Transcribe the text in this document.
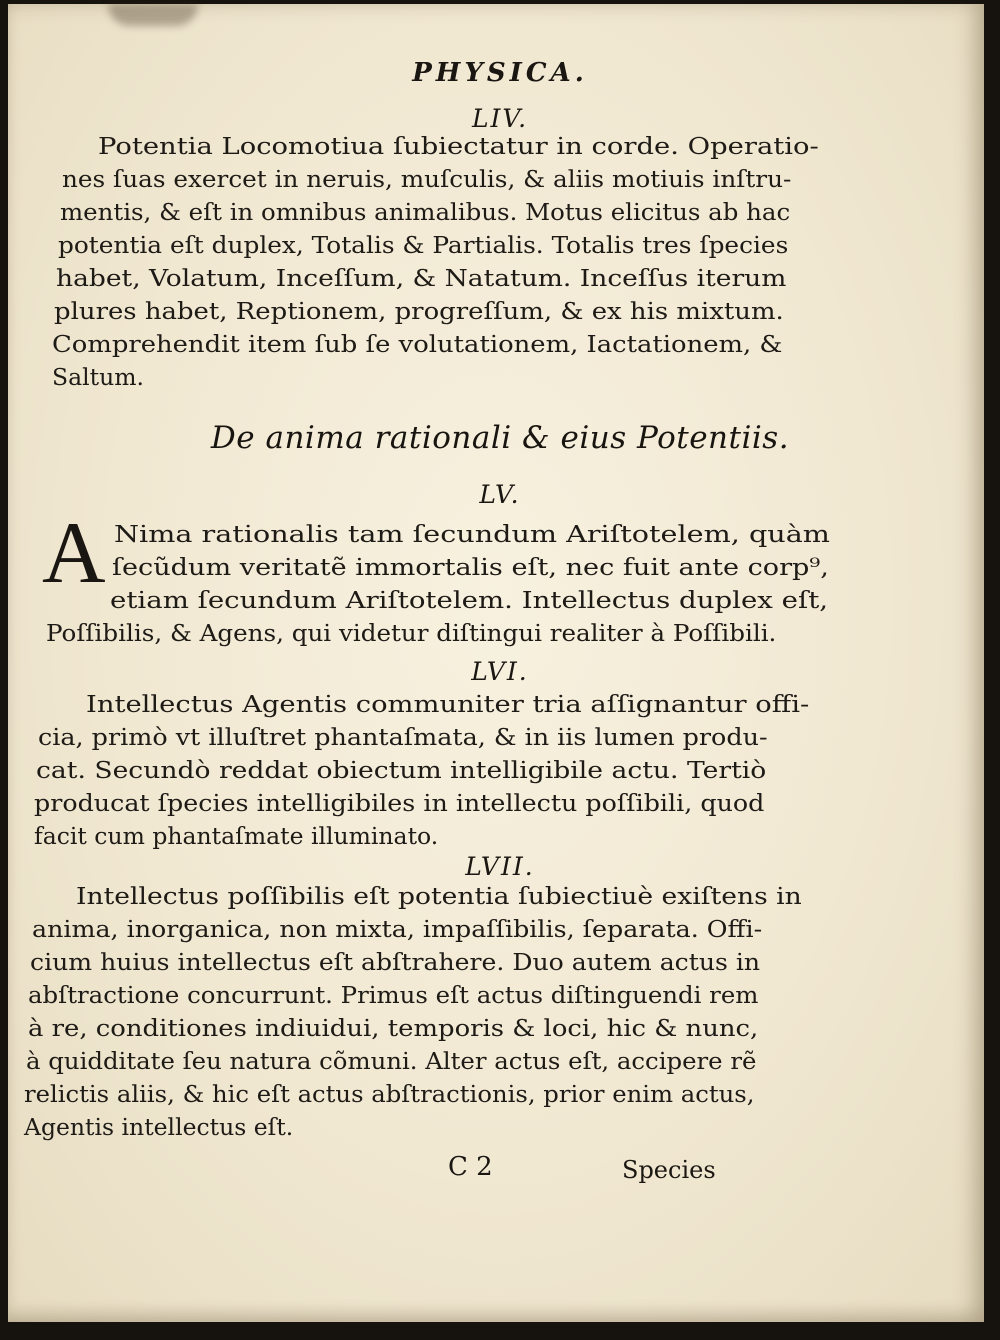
PHYSICA.
LIV.
Potentia Locomotiua ſubiectatur in corde. Operatio-
nes ſuas exercet in neruis, muſculis, & aliis motiuis inſtru-
mentis, & eſt in omnibus animalibus. Motus elicitus ab hac
potentia eſt duplex, Totalis & Partialis. Totalis tres ſpecies
habet, Volatum, Inceſſum, & Natatum. Inceſſus iterum
plures habet, Reptionem, progreſſum, & ex his mixtum.
Comprehendit item ſub ſe volutationem, Iactationem, &
Saltum.
De anima rationali & eius Potentiis.
LV.
A Nima rationalis tam ſecundum Ariſtotelem, quàm
ſecũdum veritatẽ immortalis eſt, nec fuit ante corp⁹,
etiam ſecundum Ariſtotelem. Intellectus duplex eſt,
Poſſibilis, & Agens, qui videtur diſtingui realiter à Poſſibili.
LVI.
Intellectus Agentis communiter tria aſſignantur offi-
cia, primò vt illuſtret phantaſmata, & in iis lumen produ-
cat. Secundò reddat obiectum intelligibile actu. Tertiò
producat ſpecies intelligibiles in intellectu poſſibili, quod
facit cum phantaſmate illuminato.
LVII.
Intellectus poſſibilis eſt potentia ſubiectiuè exiſtens in
anima, inorganica, non mixta, impaſſibilis, ſeparata. Offi-
cium huius intellectus eſt abſtrahere. Duo autem actus in
abſtractione concurrunt. Primus eſt actus diſtinguendi rem
à re, conditiones indiuidui, temporis & loci, hic & nunc,
à quidditate ſeu natura cõmuni. Alter actus eſt, accipere rẽ
relictis aliis, & hic eſt actus abſtractionis, prior enim actus,
Agentis intellectus eſt.
C 2	Species
